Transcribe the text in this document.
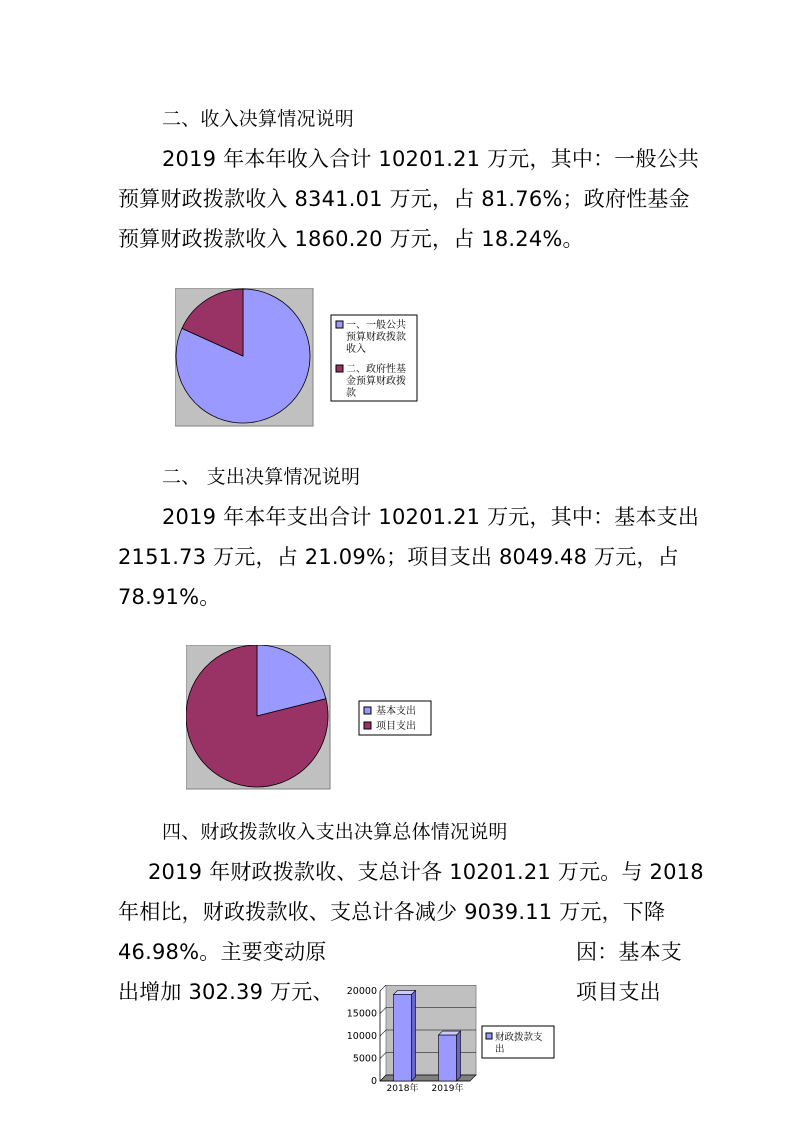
二、收入决算情况说明
2019 年本年收入合计 10201.21 万元，其中：一般公共
预算财政拨款收入 8341.01 万元，占 81.76%；政府性基金
预算财政拨款收入 1860.20 万元，占 18.24%。
一、一般公共
预算财政拨款
收入
二、政府性基
金预算财政拨
款
二、 支出决算情况说明
2019 年本年支出合计 10201.21 万元，其中：基本支出
2151.73 万元，占 21.09%；项目支出 8049.48 万元，占
78.91%。
基本支出
项目支出
四、财政拨款收入支出决算总体情况说明
2019 年财政拨款收、支总计各 10201.21 万元。与 2018
年相比，财政拨款收、支总计各减少 9039.11 万元，下降
46.98%。主要变动原	因：基本支
出增加 302.39 万元、	项目支出
0
5000
10000
15000
20000
2018年 2019年
财政拨款支
出
